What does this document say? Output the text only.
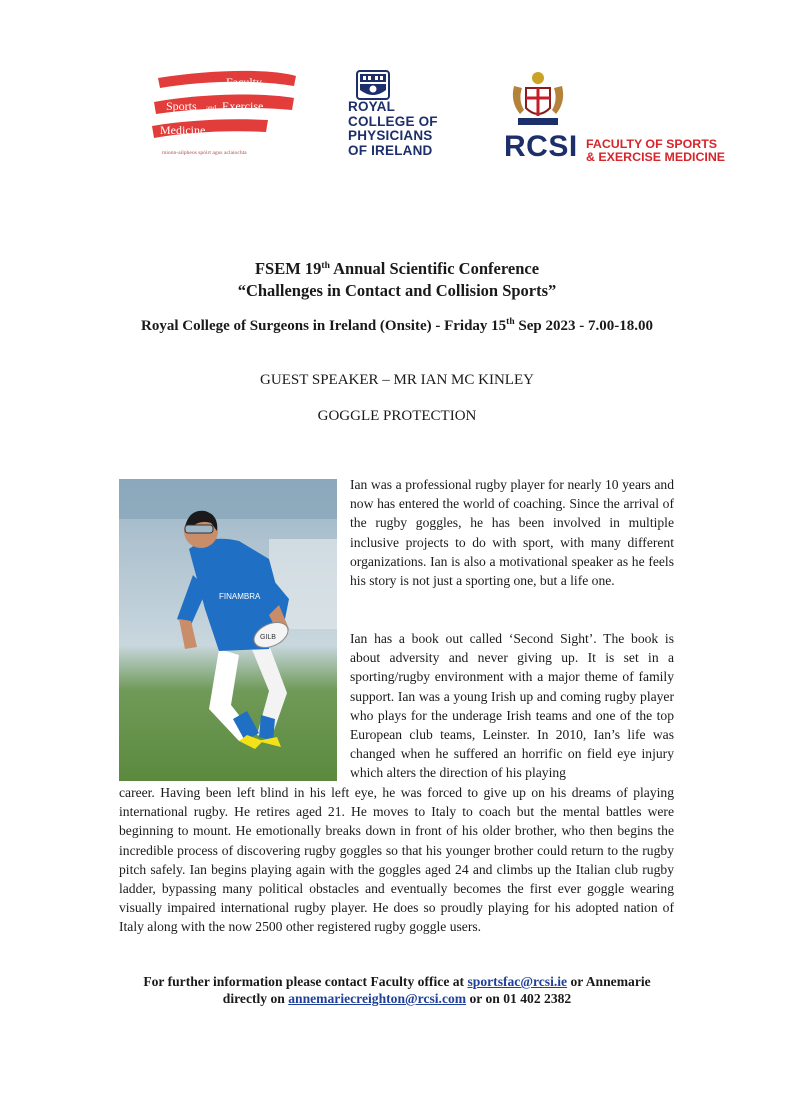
Faculty
Sports and Exercise
Medicine
mionn-ailpheos spóirt agus aclaíochta
ROYAL
COLLEGE OF
PHYSICIANS
OF IRELAND	RCSI FACULTY OF SPORTS
& EXERCISE MEDICINE
FSEM 19th Annual Scientific Conference
“Challenges in Contact and Collision Sports”
Royal College of Surgeons in Ireland (Onsite) - Friday 15th Sep 2023 - 7.00-18.00
GUEST SPEAKER – MR IAN MC KINLEY
GOGGLE PROTECTION
GILB
FINAMBRA
Ian was a professional rugby player for nearly 10 years and now has entered the world of coaching. Since the arrival of the rugby goggles, he has been involved in multiple inclusive projects to do with sport, with many different organizations. Ian is also a motivational speaker as he feels his story is not just a sporting one, but a life one.
Ian has a book out called ‘Second Sight’. The book is about adversity and never giving up. It is set in a sporting/rugby environment with a major theme of family support. Ian was a young Irish up and coming rugby player who plays for the underage Irish teams and one of the top European club teams, Leinster. In 2010, Ian’s life was changed when he suffered an horrific on field eye injury which alters the direction of his playing
career. Having been left blind in his left eye, he was forced to give up on his dreams of playing international rugby. He retires aged 21. He moves to Italy to coach but the mental battles were beginning to mount. He emotionally breaks down in front of his older brother, who then begins the incredible process of discovering rugby goggles so that his younger brother could return to the rugby pitch safely. Ian begins playing again with the goggles aged 24 and climbs up the Italian club rugby ladder, bypassing many political obstacles and eventually becomes the first ever goggle wearing visually impaired international rugby player. He does so proudly playing for his adopted nation of Italy along with the now 2500 other registered rugby goggle users.
For further information please contact Faculty office at sportsfac@rcsi.ie or Annemarie
directly on annemariecreighton@rcsi.com or on 01 402 2382
